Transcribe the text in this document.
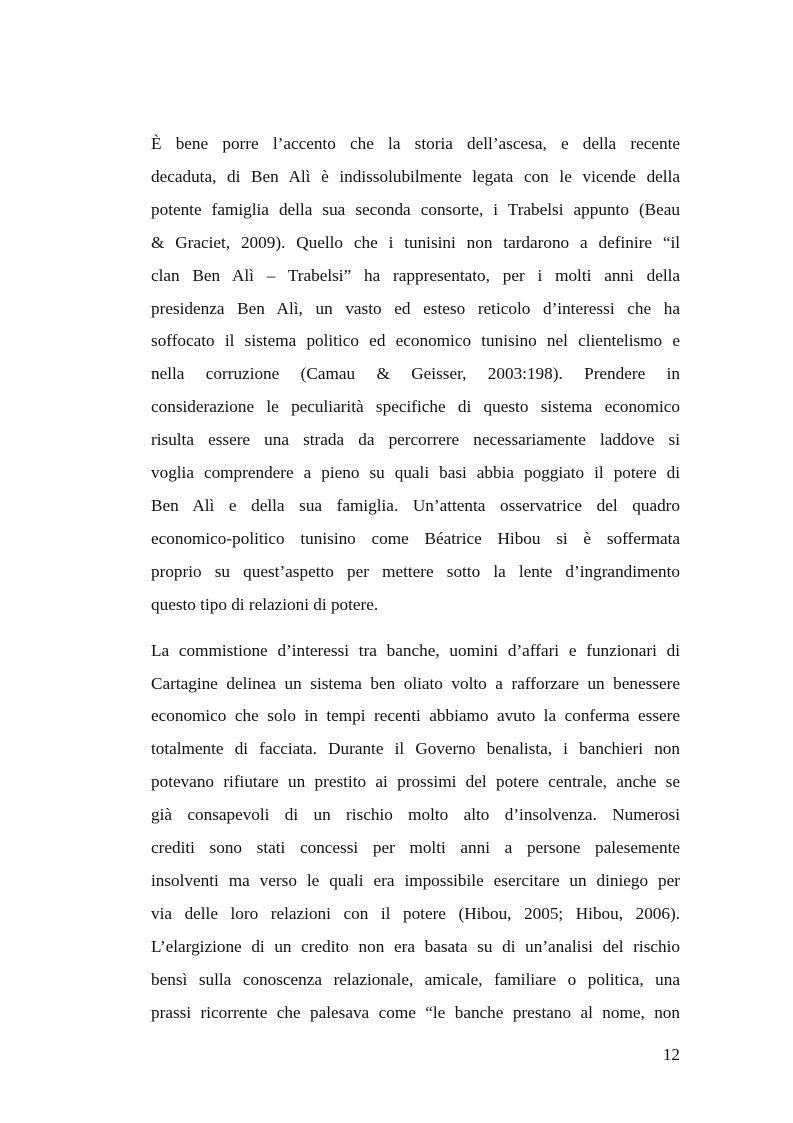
È bene porre l’accento che la storia dell’ascesa, e della recente
decaduta, di Ben Alì è indissolubilmente legata con le vicende della
potente famiglia della sua seconda consorte, i Trabelsi appunto (Beau
& Graciet, 2009). Quello che i tunisini non tardarono a definire “il
clan Ben Alì – Trabelsi” ha rappresentato, per i molti anni della
presidenza Ben Alì, un vasto ed esteso reticolo d’interessi che ha
soffocato il sistema politico ed economico tunisino nel clientelismo e
nella corruzione (Camau & Geisser, 2003:198). Prendere in
considerazione le peculiarità specifiche di questo sistema economico
risulta essere una strada da percorrere necessariamente laddove si
voglia comprendere a pieno su quali basi abbia poggiato il potere di
Ben Alì e della sua famiglia. Un’attenta osservatrice del quadro
economico-politico tunisino come Béatrice Hibou si è soffermata
proprio su quest’aspetto per mettere sotto la lente d’ingrandimento
questo tipo di relazioni di potere.

La commistione d’interessi tra banche, uomini d’affari e funzionari di
Cartagine delinea un sistema ben oliato volto a rafforzare un benessere
economico che solo in tempi recenti abbiamo avuto la conferma essere
totalmente di facciata. Durante il Governo benalista, i banchieri non
potevano rifiutare un prestito ai prossimi del potere centrale, anche se
già consapevoli di un rischio molto alto d’insolvenza. Numerosi
crediti sono stati concessi per molti anni a persone palesemente
insolventi ma verso le quali era impossibile esercitare un diniego per
via delle loro relazioni con il potere (Hibou, 2005; Hibou, 2006).
L’elargizione di un credito non era basata su di un’analisi del rischio
bensì sulla conoscenza relazionale, amicale, familiare o politica, una
prassi ricorrente che palesava come “le banche prestano al nome, non

12
